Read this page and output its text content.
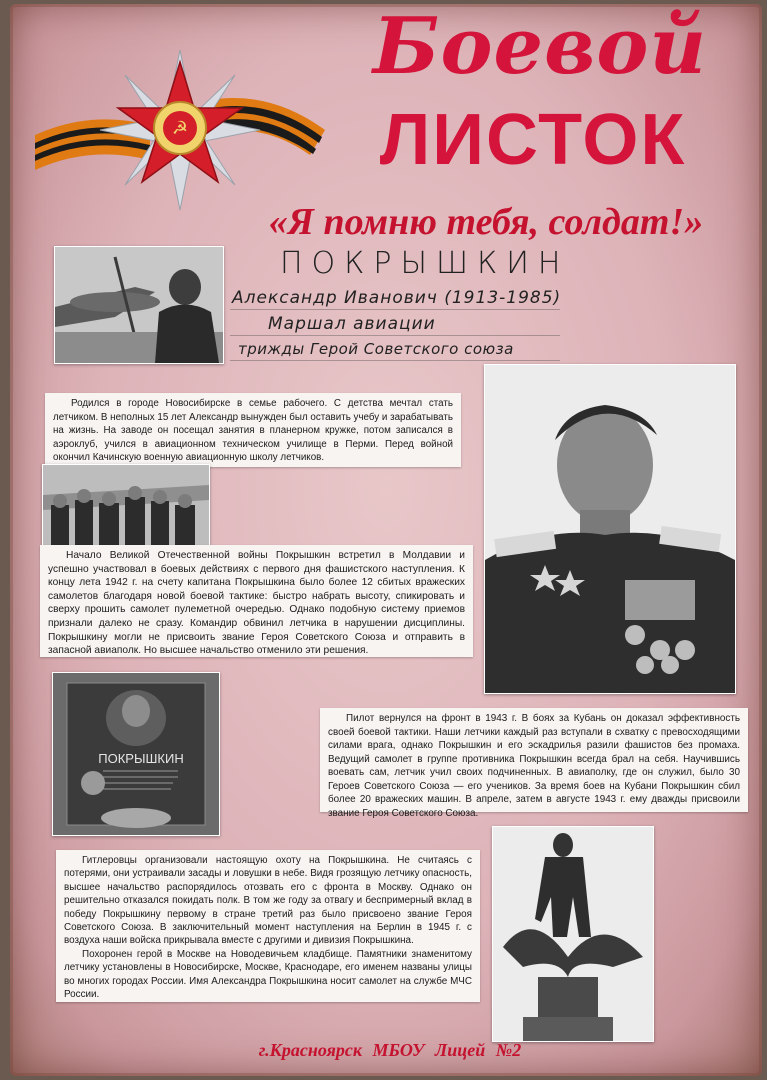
☭
Боевой
ЛИСТОК
«Я помню тебя, солдат!»
ПОКРЫШКИН
Александр Иванович (1913-1985)
Маршал авиации
трижды Герой Советского союза
Родился в городе Новосибирске в семье рабочего. С детства мечтал стать летчиком. В неполных 15 лет Александр вынужден был оставить учебу и зарабатывать на жизнь. На заводе он посещал занятия в планерном кружке, потом записался в аэроклуб, учился в авиационном техническом училище в Перми. Перед войной окончил Качинскую военную авиационную школу летчиков.
Начало Великой Отечественной войны Покрышкин встретил в Молдавии и успешно участвовал в боевых действиях с первого дня фашистского наступления. К концу лета 1942 г. на счету капитана Покрышкина было более 12 сбитых вражеских самолетов благодаря новой боевой тактике: быстро набрать высоту, спикировать и сверху прошить самолет пулеметной очередью. Однако подобную систему приемов признали далеко не сразу. Командир обвинил летчика в нарушении дисциплины. Покрышкину могли не присвоить звание Героя Советского Союза и отправить в запасной авиаполк. Но высшее начальство отменило эти решения.
ПОКРЫШКИН
Пилот вернулся на фронт в 1943 г. В боях за Кубань он доказал эффективность своей боевой тактики. Наши летчики каждый раз вступали в схватку с превосходящими силами врага, однако Покрышкин и его эскадрилья разили фашистов без промаха. Ведущий самолет в группе противника Покрышкин всегда брал на себя. Научившись воевать сам, летчик учил своих подчиненных. В авиаполку, где он служил, было 30 Героев Советского Союза — его учеников. За время боев на Кубани Покрышкин сбил более 20 вражеских машин. В апреле, затем в августе 1943 г. ему дважды присвоили звание Героя Советского Союза.
Гитлеровцы организовали настоящую охоту на Покрышкина. Не считаясь с потерями, они устраивали засады и ловушки в небе. Видя грозящую летчику опасность, высшее начальство распорядилось отозвать его с фронта в Москву. Однако он решительно отказался покидать полк. В том же году за отвагу и беспримерный вклад в победу Покрышкину первому в стране третий раз было присвоено звание Героя Советского Союза. В заключительный момент наступления на Берлин в 1945 г. с воздуха наши войска прикрывала вместе с другими и дивизия Покрышкина.
Похоронен герой в Москве на Новодевичьем кладбище. Памятники знаменитому летчику установлены в Новосибирске, Москве, Краснодаре, его именем названы улицы во многих городах России. Имя Александра Покрышкина носит самолет на службе МЧС России.
г.Красноярск МБОУ Лицей №2
